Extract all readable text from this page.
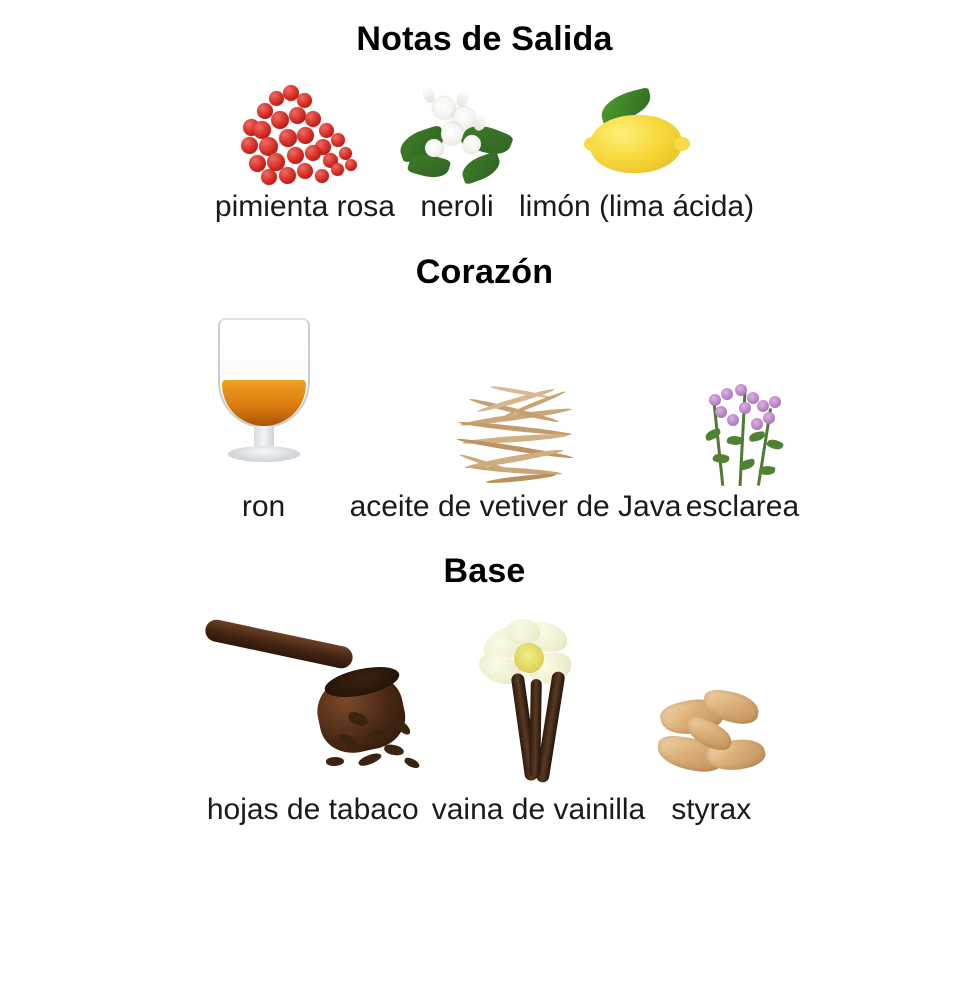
Notas de Salida
pimienta rosa neroli limón (lima ácida)
Corazón
ron aceite de vetiver de Java esclarea
Base
hojas de tabaco vaina de vainilla styrax
